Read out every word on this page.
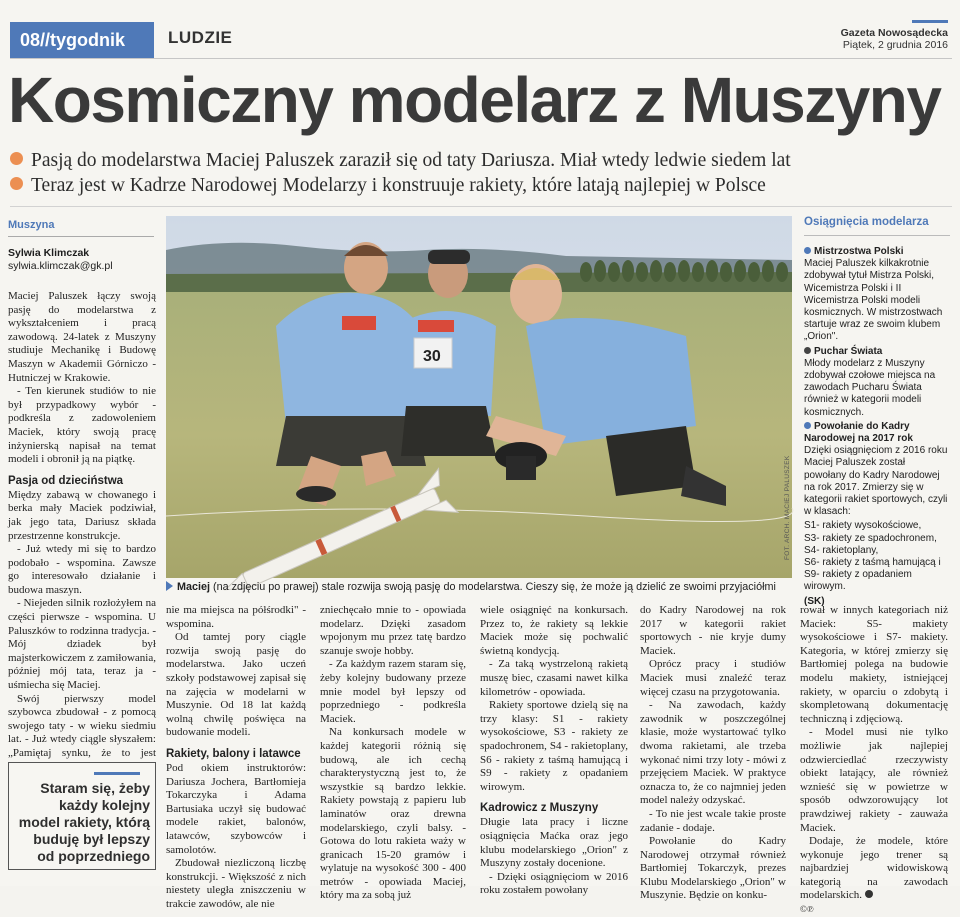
08//tygodnik	LUDZIE	Gazeta Nowosądecka
Piątek, 2 grudnia 2016
Kosmiczny modelarz z Muszyny
Pasją do modelarstwa Maciej Paluszek zaraził się od taty Dariusza. Miał wtedy ledwie siedem lat
Teraz jest w Kadrze Narodowej Modelarzy i konstruuje rakiety, które latają najlepiej w Polsce
Muszyna
Sylwia Klimczak
sylwia.klimczak@gk.pl

Maciej Paluszek łączy swoją pasję do modelarstwa z wykształceniem i pracą zawodową. 24-latek z Muszyny studiuje Mechanikę i Budowę Maszyn w Akademii Górniczo - Hutniczej w Krakowie.

- Ten kierunek studiów to nie był przypadkowy wybór - podkreśla z zadowoleniem Maciek, który swoją pracę inżynierską napisał na temat modeli i obronił ją na piątkę.

Pasja od dzieciństwa

Między zabawą w chowanego i berka mały Maciek podziwiał, jak jego tata, Dariusz składa przestrzenne konstrukcje.

- Już wtedy mi się to bardzo podobało - wspomina. Zawsze go interesowało działanie i budowa maszyn.

- Niejeden silnik rozłożyłem na części pierwsze - wspomina. U Paluszków to rodzinna tradycja. - Mój dziadek był majsterkowiczem z zamiłowania, później mój tata, teraz ja - uśmiecha się Maciej.

Swój pierwszy model szybowca zbudował - z pomocą swojego taty - w wieku siedmiu lat. - Już wtedy ciągle słyszałem: „Pamiętaj synku, że to jest

Staram się, żeby każdy kolejny model rakiety, którą buduję był lepszy od poprzedniego
30
FOT. ARCH. MACIEJ PALUSZEK
Maciej (na zdjęciu po prawej) stale rozwija swoją pasję do modelarstwa. Cieszy się, że może ją dzielić ze swoimi przyjaciółmi
Osiągnięcia modelarza
Mistrzostwa Polski
Maciej Paluszek kilkakrotnie zdobywał tytuł Mistrza Polski, Wicemistrza Polski i II Wicemistrza Polski modeli kosmicznych. W mistrzostwach startuje wraz ze swoim klubem „Orion".
Puchar Świata
Młody modelarz z Muszyny zdobywał czołowe miejsca na zawodach Pucharu Świata również w kategorii modeli kosmicznych.
Powołanie do Kadry Narodowej na 2017 rok
Dzięki osiągnięciom z 2016 roku Maciej Paluszek został powołany do Kadry Narodowej na rok 2017. Zmierzy się w kategorii rakiet sportowych, czyli w klasach:
S1- rakiety wysokościowe,
S3- rakiety ze spadochronem,
S4- rakietoplany,
S6- rakiety z taśmą hamującą i S9- rakiety z opadaniem wirowym.
(SK)

nie ma miejsca na półśrodki" - wspomina.

Od tamtej pory ciągle rozwija swoją pasję do modelarstwa. Jako uczeń szkoły podstawowej zapisał się na zajęcia w modelarni w Muszynie. Od 18 lat każdą wolną chwilę poświęca na budowanie modeli.

Rakiety, balony i latawce

Pod okiem instruktorów: Dariusza Jochera, Bartłomieja Tokarczyka i Adama Bartusiaka uczył się budować modele rakiet, balonów, latawców, szybowców i samolotów.

Zbudował niezliczoną liczbę konstrukcji. - Większość z nich niestety uległa zniszczeniu w trakcie zawodów, ale nie

zniechęcało mnie to - opowiada modelarz. Dzięki zasadom wpojonym mu przez tatę bardzo szanuje swoje hobby.

- Za każdym razem staram się, żeby kolejny budowany przeze mnie model był lepszy od poprzedniego - podkreśla Maciek.

Na konkursach modele w każdej kategorii różnią się budową, ale ich cechą charakterystyczną jest to, że wszystkie są bardzo lekkie. Rakiety powstają z papieru lub laminatów oraz drewna modelarskiego, czyli balsy. - Gotowa do lotu rakieta waży w granicach 15-20 gramów i wylatuje na wysokość 300 - 400 metrów - opowiada Maciej, który ma za sobą już

wiele osiągnięć na konkursach. Przez to, że rakiety są lekkie Maciek może się pochwalić świetną kondycją.

- Za taką wystrzeloną rakietą muszę biec, czasami nawet kilka kilometrów - opowiada.

Rakiety sportowe dzielą się na trzy klasy: S1 - rakiety wysokościowe, S3 - rakiety ze spadochronem, S4 - rakietoplany, S6 - rakiety z taśmą hamującą i S9 - rakiety z opadaniem wirowym.

Kadrowicz z Muszyny

Długie lata pracy i liczne osiągnięcia Maćka oraz jego klubu modelarskiego „Orion" z Muszyny zostały docenione.

- Dzięki osiągnięciom w 2016 roku zostałem powołany

do Kadry Narodowej na rok 2017 w kategorii rakiet sportowych - nie kryje dumy Maciek.

Oprócz pracy i studiów Maciek musi znaleźć teraz więcej czasu na przygotowania.

- Na zawodach, każdy zawodnik w poszczególnej klasie, może wystartować tylko dwoma rakietami, ale trzeba wykonać nimi trzy loty - mówi z przejęciem Maciek. W praktyce oznacza to, że co najmniej jeden model należy odzyskać.

- To nie jest wcale takie proste zadanie - dodaje.

Powołanie do Kadry Narodowej otrzymał również Bartłomiej Tokarczyk, prezes Klubu Modelarskiego „Orion" w Muszynie. Będzie on konku-

rował w innych kategoriach niż Maciek: S5- makiety wysokościowe i S7- makiety. Kategoria, w której zmierzy się Bartłomiej polega na budowie modelu makiety, istniejącej rakiety, w oparciu o zdobytą i skompletowaną dokumentację techniczną i zdjęciową.

- Model musi nie tylko możliwie jak najlepiej odzwierciedlać rzeczywisty obiekt latający, ale również wznieść się w powietrze w sposób odwzorowujący lot prawdziwej rakiety - zauważa Maciek.

Dodaje, że modele, które wykonuje jego trener są najbardziej widowiskową kategorią na zawodach modelarskich.

©℗
